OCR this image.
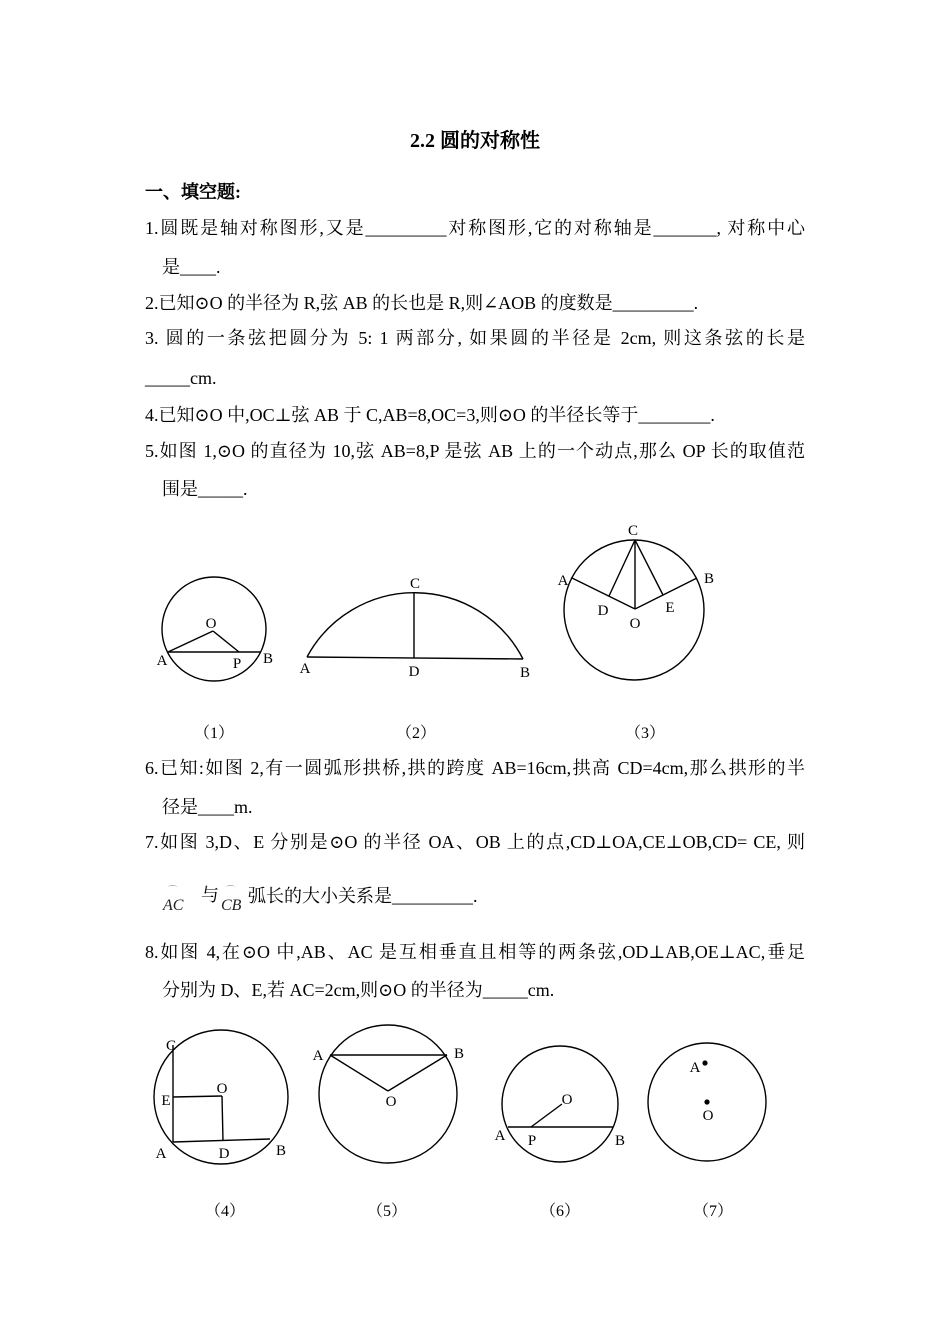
2.2 圆的对称性
一、填空题:
1.圆既是轴对称图形,又是_________对称图形,它的对称轴是_______, 对称中心
是____.
2.已知⊙O 的半径为 R,弦 AB 的长也是 R,则∠AOB 的度数是_________.
3. 圆的一条弦把圆分为 5: 1 两部分, 如果圆的半径是 2cm, 则这条弦的长是
_____cm.
4.已知⊙O 中,OC⊥弦 AB 于 C,AB=8,OC=3,则⊙O 的半径长等于________.
5.如图 1,⊙O 的直径为 10,弦 AB=8,P 是弦 AB 上的一个动点,那么 OP 长的取值范
围是_____.
6.已知:如图 2,有一圆弧形拱桥,拱的跨度 AB=16cm,拱高 CD=4cm,那么拱形的半
径是____m.
7.如图 3,D、E 分别是⊙O 的半径 OA、OB 上的点,CD⊥OA,CE⊥OB,CD= CE, 则
⌒
AC
与 ⌒
CB 弧长的大小关系是_________.
8.如图 4,在⊙O 中,AB、AC 是互相垂直且相等的两条弦,OD⊥AB,OE⊥AC,垂足
分别为 D、E,若 AC=2cm,则⊙O 的半径为_____cm.
O
A	P B
（1）
C
A	D	B
（2）
C
A	B
D	E
O
（3）
C
E
O
A	D	B
（4）
A	B
O
（5）
O
A P	B
（6）
A
O
（7）
